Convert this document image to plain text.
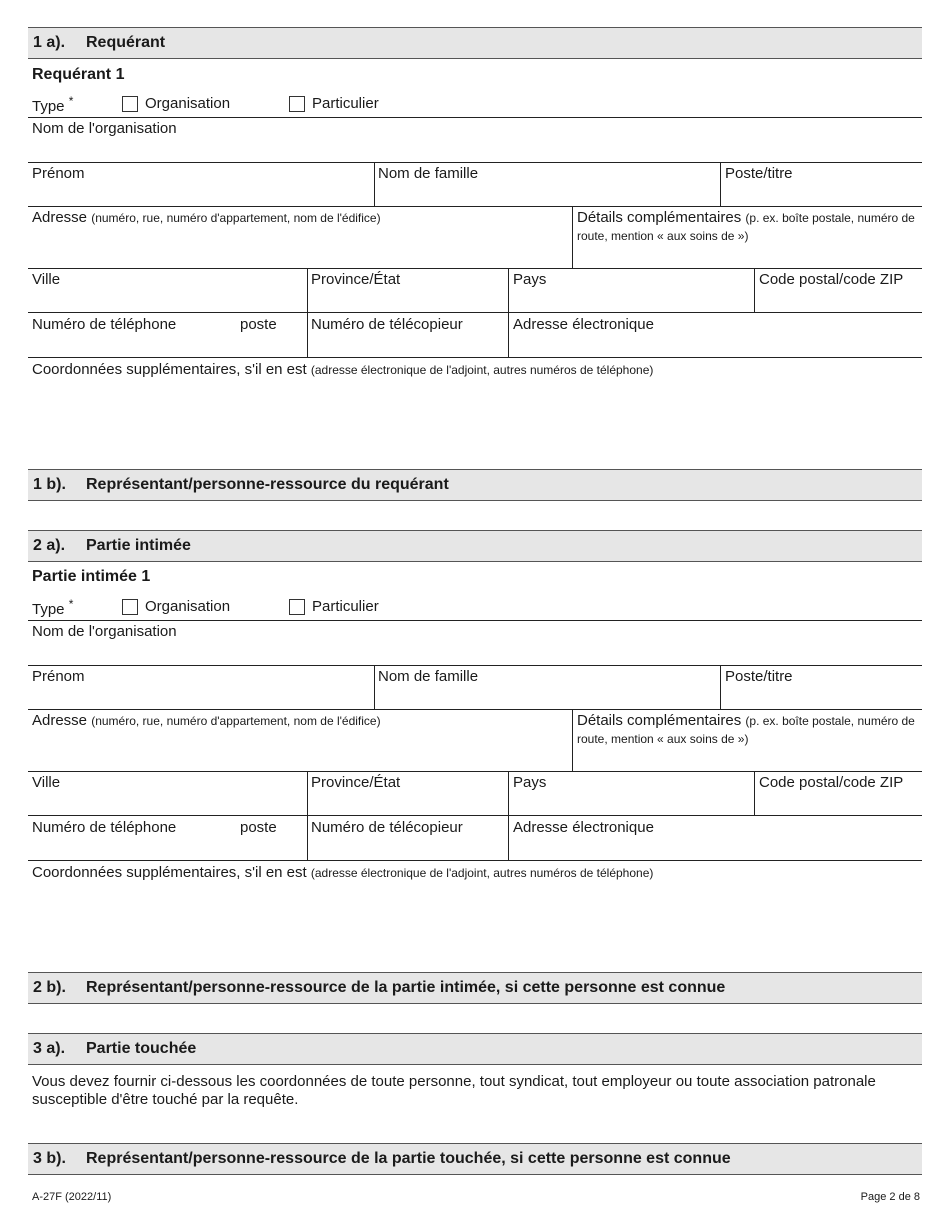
1 a). Requérant
Requérant 1
Type *	Organisation	Particulier
Nom de l'organisation
Prénom	Nom de famille	Poste/titre
Adresse (numéro, rue, numéro d'appartement, nom de l'édifice)	Détails complémentaires (p. ex. boîte postale, numéro de route, mention « aux soins de »)
Ville	Province/État	Pays	Code postal/code ZIP
Numéro de téléphone	poste Numéro de télécopieur	Adresse électronique
Coordonnées supplémentaires, s'il en est (adresse électronique de l'adjoint, autres numéros de téléphone)
1 b). Représentant/personne-ressource du requérant
2 a). Partie intimée
Partie intimée 1
Type *	Organisation	Particulier
Nom de l'organisation
Prénom	Nom de famille	Poste/titre
Adresse (numéro, rue, numéro d'appartement, nom de l'édifice)	Détails complémentaires (p. ex. boîte postale, numéro de route, mention « aux soins de »)
Ville	Province/État	Pays	Code postal/code ZIP
Numéro de téléphone	poste Numéro de télécopieur	Adresse électronique
Coordonnées supplémentaires, s'il en est (adresse électronique de l'adjoint, autres numéros de téléphone)
2 b). Représentant/personne-ressource de la partie intimée, si cette personne est connue
3 a). Partie touchée
Vous devez fournir ci-dessous les coordonnées de toute personne, tout syndicat, tout employeur ou toute association patronale susceptible d'être touché par la requête.
3 b). Représentant/personne-ressource de la partie touchée, si cette personne est connue
A-27F (2022/11)	Page 2 de 8
